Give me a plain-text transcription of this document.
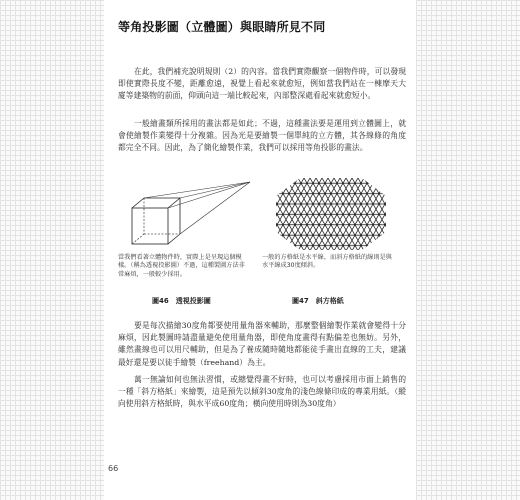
等角投影圖（立體圖）與眼睛所見不同

在此，我們補充說明規則（2）的內容。當我們實際觀察一個物件時，可以發現即使實際長度不變，距離愈遠，視覺上看起來就愈短，例如當我們站在一棟摩天大廈等建築物的前面，仰頭向這一端比較起來，內部整深處看起來就愈短小。

一般繪畫類所採用的畫法都是如此；不過，這種畫法要是運用到立體圖上，就會使繪製作業變得十分複雜。因為光是要繪製一個單純的立方體，其各線條的角度都完全不同。因此，為了簡化繪製作業，我們可以採用等角投影的畫法。

當我們看著立體物件時，實際上是呈現這個模樣。（稱為透視投影圖）不過，這種製圖方法非常麻煩，一般較少採用。

一般的方格紙是水平線，而斜方格紙的線則是與水平線成30度傾斜。

圖46　透視投影圖	圖47　斜方格紙

要是每次描繪30度角都要使用量角器來輔助，那麼整個繪製作業就會變得十分麻煩，因此製圖時請盡量避免使用量角器，即使角度畫得有點偏差也無妨。另外，雖然畫線也可以用尺輔助，但是為了養成隨時隨地都能徒手畫出直線的工夫，建議最好還是要以徒手繪製（freehand）為主。

萬一無論如何也無法習慣，或總覺得畫不好時，也可以考慮採用市面上銷售的一種「斜方格紙」來繪製，這是預先以傾斜30度角的淺色線條印成的專業用紙。（縱向使用斜方格紙時，與水平成60度角；橫向使用時則為30度角）

66
